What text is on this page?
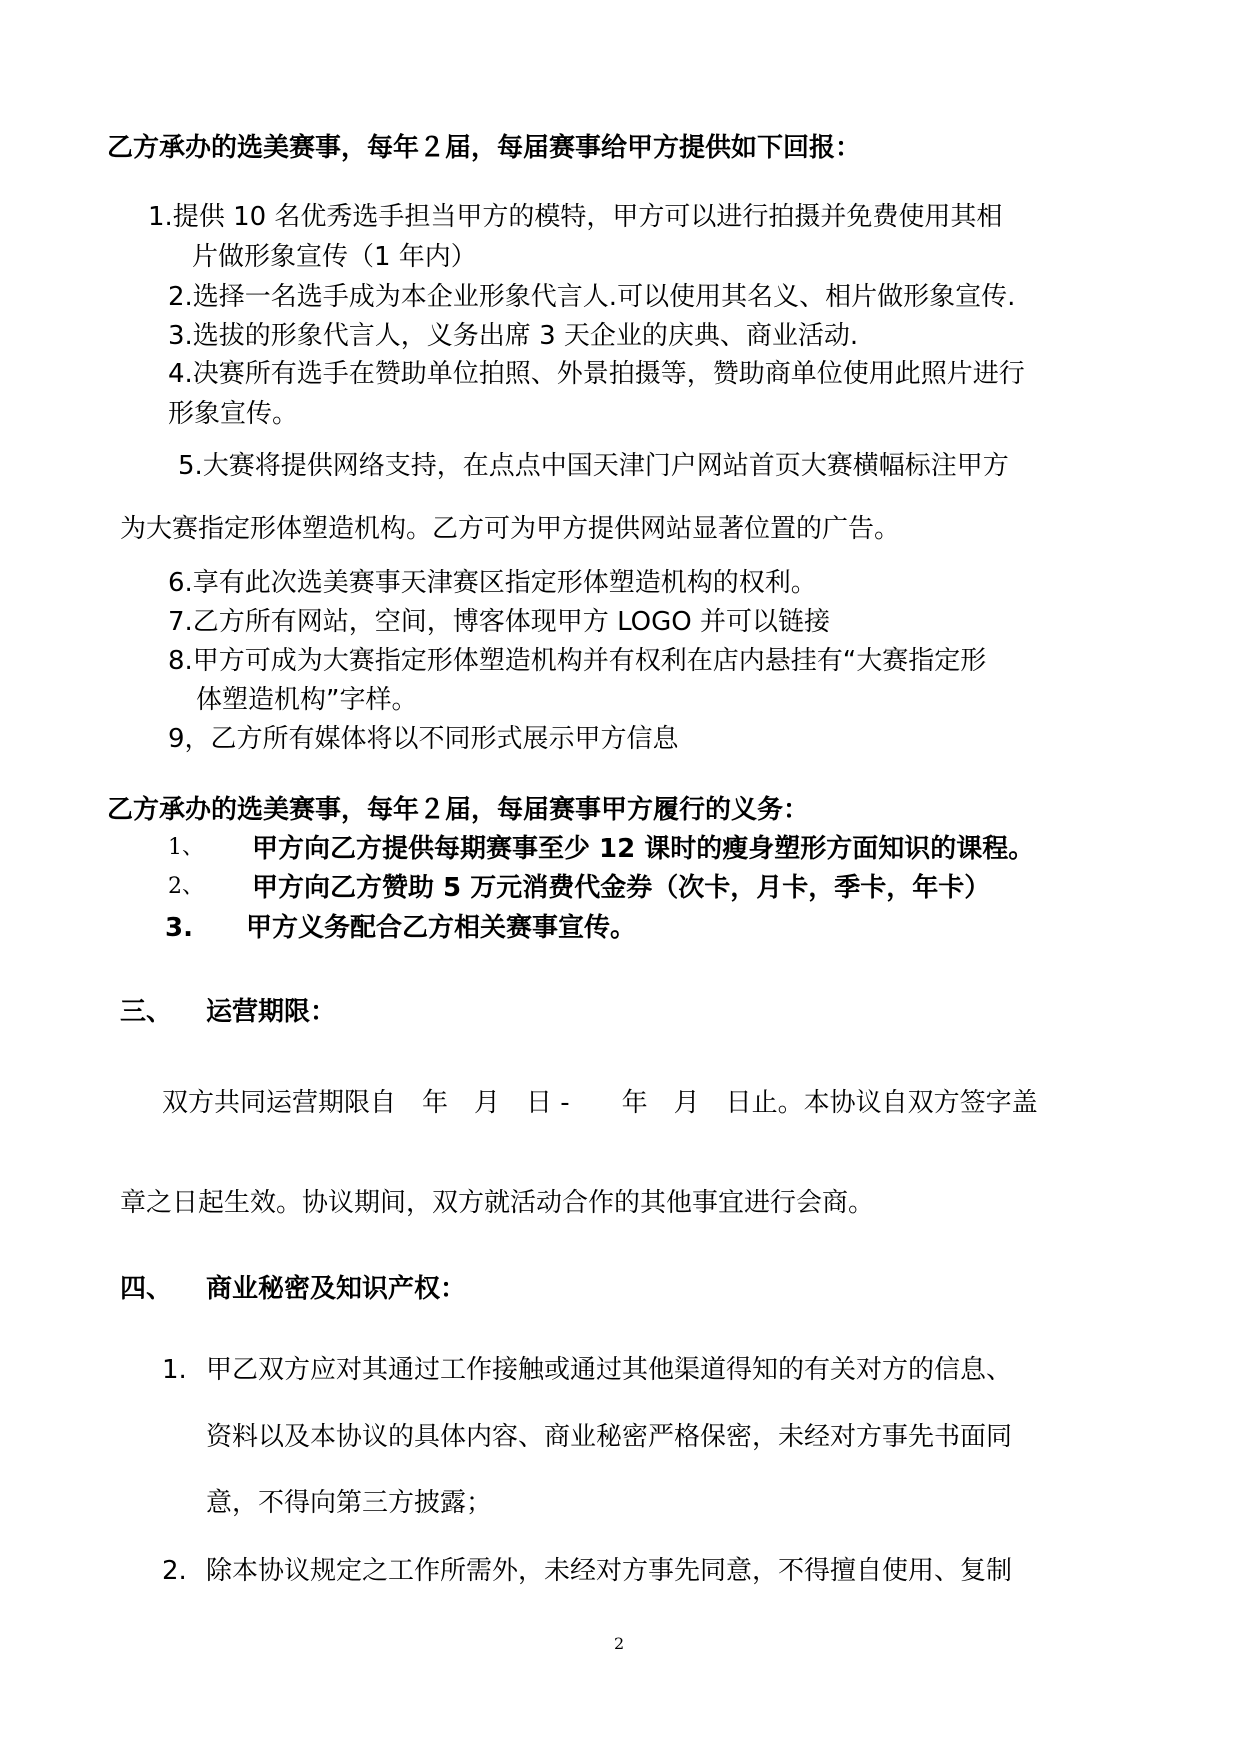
乙方承办的选美赛事，每年２届，每届赛事给甲方提供如下回报：
1.提供 10 名优秀选手担当甲方的模特，甲方可以进行拍摄并免费使用其相
片做形象宣传（1 年内）
2.选择一名选手成为本企业形象代言人.可以使用其名义、相片做形象宣传.
3.选拔的形象代言人，义务出席 3 天企业的庆典、商业活动.
4.决赛所有选手在赞助单位拍照、外景拍摄等，赞助商单位使用此照片进行
形象宣传。
5.大赛将提供网络支持，在点点中国天津门户网站首页大赛横幅标注甲方
为大赛指定形体塑造机构。乙方可为甲方提供网站显著位置的广告。
6.享有此次选美赛事天津赛区指定形体塑造机构的权利。
7.乙方所有网站，空间，博客体现甲方 LOGO 并可以链接
8.甲方可成为大赛指定形体塑造机构并有权利在店内悬挂有“大赛指定形
体塑造机构”字样。
9，乙方所有媒体将以不同形式展示甲方信息
乙方承办的选美赛事，每年２届，每届赛事甲方履行的义务：
1、 甲方向乙方提供每期赛事至少 12 课时的瘦身塑形方面知识的课程。
2、 甲方向乙方赞助 5 万元消费代金券（次卡，月卡，季卡，年卡）
3. 甲方义务配合乙方相关赛事宣传。
三、 运营期限：
双方共同运营期限自　年　月　日 -　　年　月　日止。本协议自双方签字盖
章之日起生效。协议期间，双方就活动合作的其他事宜进行会商。
四、 商业秘密及知识产权：
1. 甲乙双方应对其通过工作接触或通过其他渠道得知的有关对方的信息、
资料以及本协议的具体内容、商业秘密严格保密，未经对方事先书面同
意，不得向第三方披露；
2. 除本协议规定之工作所需外，未经对方事先同意，不得擅自使用、复制
2
